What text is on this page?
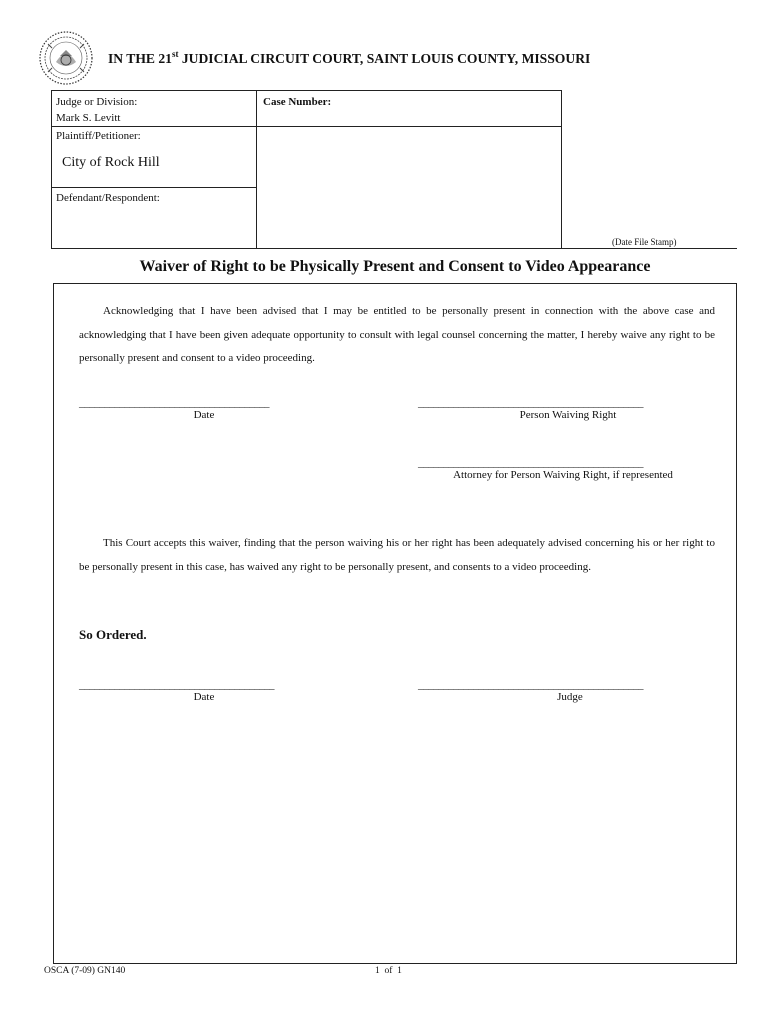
IN THE 21st JUDICIAL CIRCUIT COURT, SAINT LOUIS COUNTY, MISSOURI
Judge or Division:
Mark S. Levitt
Plaintiff/Petitioner:
City of Rock Hill
Defendant/Respondent:
Case Number:
(Date File Stamp)
Waiver of Right to be Physically Present and Consent to Video Appearance
Acknowledging that I have been advised that I may be entitled to be personally present in connection with the above case and acknowledging that I have been given adequate opportunity to consult with legal counsel concerning the matter, I hereby waive any right to be personally present and consent to a video proceeding.
______________________________________
Date
_____________________________________________
Person Waiving Right
_____________________________________________
Attorney for Person Waiving Right, if represented
This Court accepts this waiver, finding that the person waiving his or her right has been adequately advised concerning his or her right to be personally present in this case, has waived any right to be personally present, and consents to a video proceeding.
So Ordered.
_______________________________________
Date
_____________________________________________
Judge
OSCA (7-09) GN140	1  of  1
